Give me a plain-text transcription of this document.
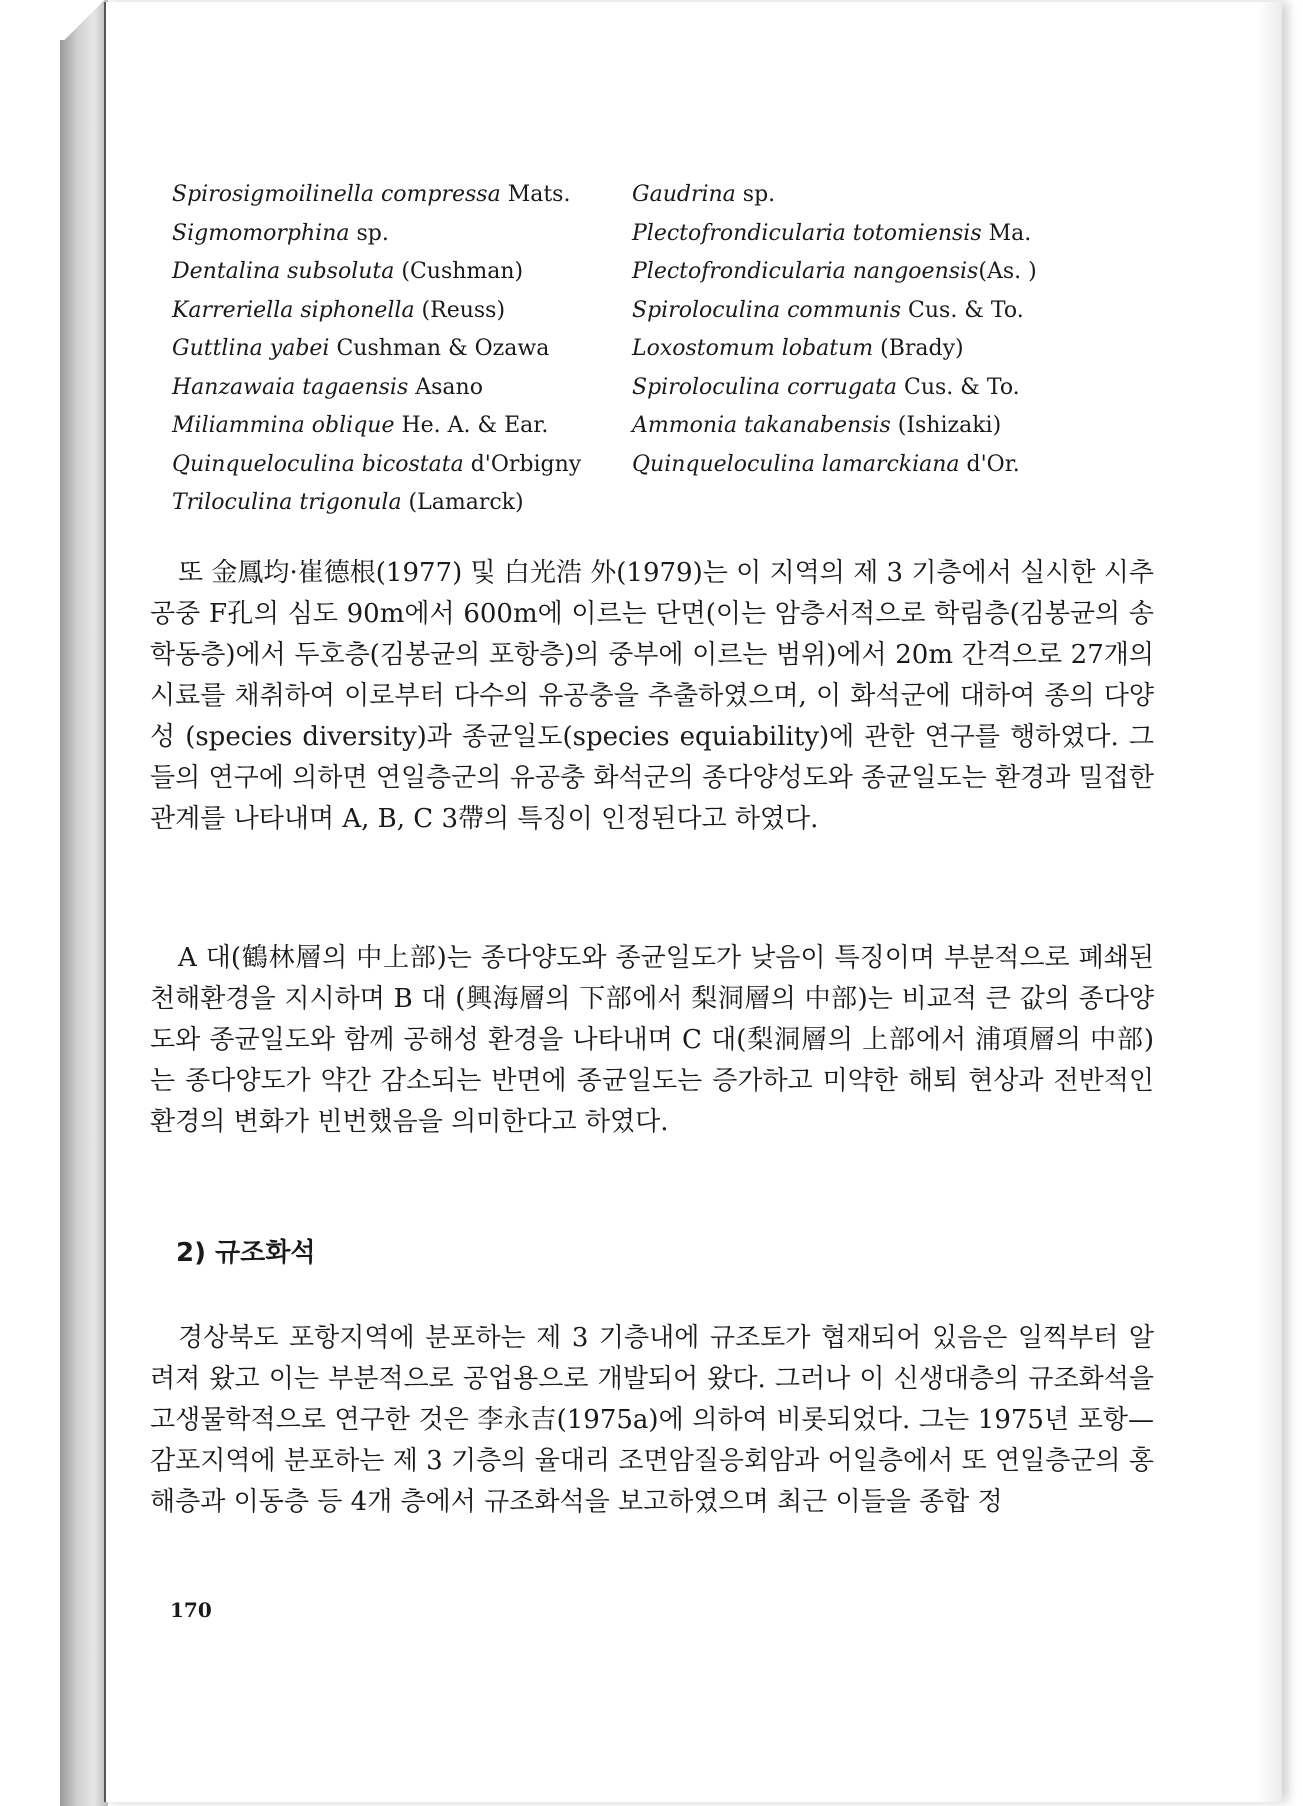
Spirosigmoilinella compressa Mats.
Sigmomorphina sp.
Dentalina subsoluta (Cushman)
Karreriella siphonella (Reuss)
Guttlina yabei Cushman & Ozawa
Hanzawaia tagaensis Asano
Miliammina oblique He. A. & Ear.
Quinqueloculina bicostata d'Orbigny
Triloculina trigonula (Lamarck)
Gaudrina sp.
Plectofrondicularia totomiensis Ma.
Plectofrondicularia nangoensis(As. )
Spiroloculina communis Cus. & To.
Loxostomum lobatum (Brady)
Spiroloculina corrugata Cus. & To.
Ammonia takanabensis (Ishizaki)
Quinqueloculina lamarckiana d'Or.

또 金鳳均·崔德根(1977) 및 白光浩 外(1979)는 이 지역의 제 3 기층에서 실시한 시추공중 F孔의 심도 90m에서 600m에 이르는 단면(이는 암층서적으로 학림층(김봉균의 송학동층)에서 두호층(김봉균의 포항층)의 중부에 이르는 범위)에서 20m 간격으로 27개의 시료를 채취하여 이로부터 다수의 유공충을 추출하였으며, 이 화석군에 대하여 종의 다양성 (species diversity)과 종균일도(species equiability)에 관한 연구를 행하였다. 그들의 연구에 의하면 연일층군의 유공충 화석군의 종다양성도와 종균일도는 환경과 밀접한 관계를 나타내며 A, B, C 3帶의 특징이 인정된다고 하였다.

A 대(鶴林層의 中上部)는 종다양도와 종균일도가 낮음이 특징이며 부분적으로 폐쇄된 천해환경을 지시하며 B 대 (興海層의 下部에서 梨洞層의 中部)는 비교적 큰 값의 종다양도와 종균일도와 함께 공해성 환경을 나타내며 C 대(梨洞層의 上部에서 浦項層의 中部)는 종다양도가 약간 감소되는 반면에 종균일도는 증가하고 미약한 해퇴 현상과 전반적인 환경의 변화가 빈번했음을 의미한다고 하였다.

2) 규조화석

경상북도 포항지역에 분포하는 제 3 기층내에 규조토가 협재되어 있음은 일찍부터 알려져 왔고 이는 부분적으로 공업용으로 개발되어 왔다. 그러나 이 신생대층의 규조화석을 고생물학적으로 연구한 것은 李永吉(1975a)에 의하여 비롯되었다. 그는 1975년 포항—감포지역에 분포하는 제 3 기층의 율대리 조면암질응회암과 어일층에서 또 연일층군의 홍해층과 이동층 등 4개 층에서 규조화석을 보고하였으며 최근 이들을 종합 정

170
